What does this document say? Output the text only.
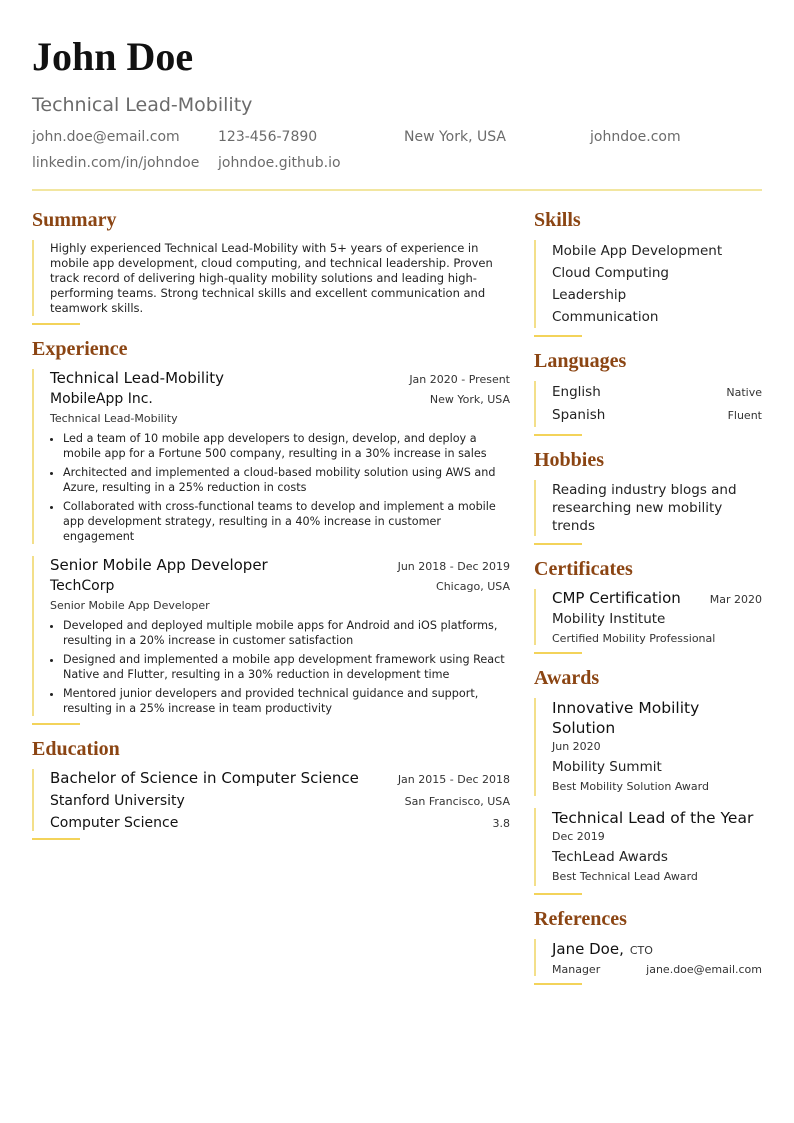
John Doe
Technical Lead-Mobility
john.doe@email.com	123-456-7890	New York, USA	johndoe.com
linkedin.com/in/johndoe	johndoe.github.io
Summary
Highly experienced Technical Lead-Mobility with 5+ years of experience in mobile app development, cloud computing, and technical leadership. Proven track record of delivering high-quality mobility solutions and leading high-performing teams. Strong technical skills and excellent communication and teamwork skills.
Experience
Technical Lead-Mobility	Jan 2020 - Present
MobileApp Inc.	New York, USA
Technical Lead-Mobility
• Led a team of 10 mobile app developers to design, develop, and deploy a mobile app for a Fortune 500 company, resulting in a 30% increase in sales
• Architected and implemented a cloud-based mobility solution using AWS and Azure, resulting in a 25% reduction in costs
• Collaborated with cross-functional teams to develop and implement a mobile app development strategy, resulting in a 40% increase in customer engagement
Senior Mobile App Developer	Jun 2018 - Dec 2019
TechCorp	Chicago, USA
Senior Mobile App Developer
• Developed and deployed multiple mobile apps for Android and iOS platforms, resulting in a 20% increase in customer satisfaction
• Designed and implemented a mobile app development framework using React Native and Flutter, resulting in a 30% reduction in development time
• Mentored junior developers and provided technical guidance and support, resulting in a 25% increase in team productivity
Education
Bachelor of Science in Computer Science	Jan 2015 - Dec 2018
Stanford University	San Francisco, USA
Computer Science	3.8
Skills
Mobile App Development
Cloud Computing
Leadership
Communication
Languages
English	Native
Spanish	Fluent
Hobbies
Reading industry blogs and researching new mobility trends
Certificates
CMP Certification	Mar 2020
Mobility Institute
Certified Mobility Professional
Awards
Innovative Mobility Solution
Jun 2020
Mobility Summit
Best Mobility Solution Award
Technical Lead of the Year
Dec 2019
TechLead Awards
Best Technical Lead Award
References
Jane Doe, CTO
Manager	jane.doe@email.com
